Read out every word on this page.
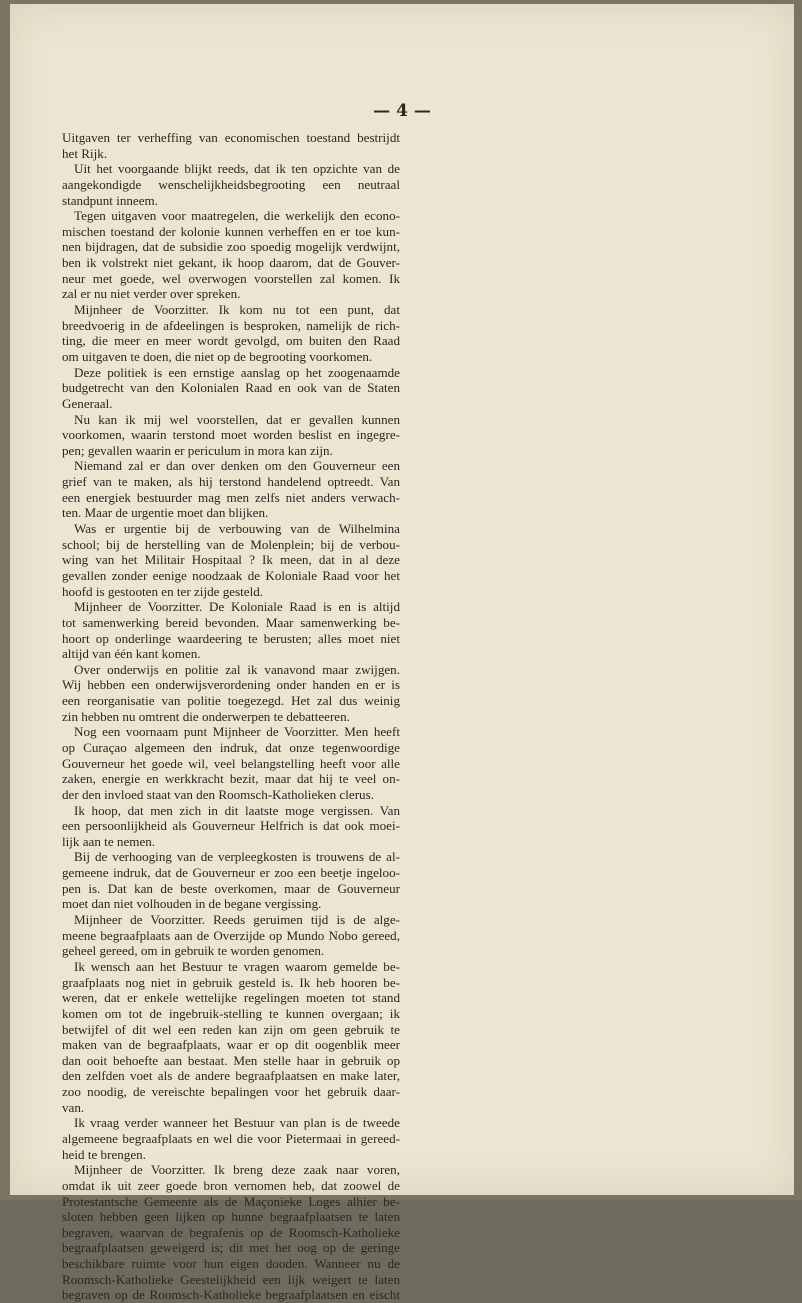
— 4 —
Uitgaven ter verheffing van economischen toestand bestrijdt
het Rijk.
Uit het voorgaande blijkt reeds, dat ik ten opzichte van de
aangekondigde wenschelijkheidsbegrooting een neutraal
standpunt inneem.
Tegen uitgaven voor maatregelen, die werkelijk den econo-
mischen toestand der kolonie kunnen verheffen en er toe kun-
nen bijdragen, dat de subsidie zoo spoedig mogelijk verdwijnt,
ben ik volstrekt niet gekant, ik hoop daarom, dat de Gouver-
neur met goede, wel overwogen voorstellen zal komen. Ik
zal er nu niet verder over spreken.
Mijnheer de Voorzitter. Ik kom nu tot een punt, dat
breedvoerig in de afdeelingen is besproken, namelijk de rich-
ting, die meer en meer wordt gevolgd, om buiten den Raad
om uitgaven te doen, die niet op de begrooting voorkomen.
Deze politiek is een ernstige aanslag op het zoogenaamde
budgetrecht van den Kolonialen Raad en ook van de Staten
Generaal.
Nu kan ik mij wel voorstellen, dat er gevallen kunnen
voorkomen, waarin terstond moet worden beslist en ingegre-
pen; gevallen waarin er periculum in mora kan zijn.
Niemand zal er dan over denken om den Gouverneur een
grief van te maken, als hij terstond handelend optreedt. Van
een energiek bestuurder mag men zelfs niet anders verwach-
ten. Maar de urgentie moet dan blijken.
Was er urgentie bij de verbouwing van de Wilhelmina
school; bij de herstelling van de Molenplein; bij de verbou-
wing van het Militair Hospitaal ? Ik meen, dat in al deze
gevallen zonder eenige noodzaak de Koloniale Raad voor het
hoofd is gestooten en ter zijde gesteld.
Mijnheer de Voorzitter. De Koloniale Raad is en is altijd
tot samenwerking bereid bevonden. Maar samenwerking be-
hoort op onderlinge waardeering te berusten; alles moet niet
altijd van één kant komen.
Over onderwijs en politie zal ik vanavond maar zwijgen.
Wij hebben een onderwijsverordening onder handen en er is
een reorganisatie van politie toegezegd. Het zal dus weinig
zin hebben nu omtrent die onderwerpen te debatteeren.
Nog een voornaam punt Mijnheer de Voorzitter. Men heeft
op Curaçao algemeen den indruk, dat onze tegenwoordige
Gouverneur het goede wil, veel belangstelling heeft voor alle
zaken, energie en werkkracht bezit, maar dat hij te veel on-
der den invloed staat van den Roomsch-Katholieken clerus.
Ik hoop, dat men zich in dit laatste moge vergissen. Van
een persoonlijkheid als Gouverneur Helfrich is dat ook moei-
lijk aan te nemen.
Bij de verhooging van de verpleegkosten is trouwens de al-
gemeene indruk, dat de Gouverneur er zoo een beetje ingeloo-
pen is. Dat kan de beste overkomen, maar de Gouverneur
moet dan niet volhouden in de begane vergissing.
Mijnheer de Voorzitter. Reeds geruimen tijd is de alge-
meene begraafplaats aan de Overzijde op Mundo Nobo gereed,
geheel gereed, om in gebruik te worden genomen.
Ik wensch aan het Bestuur te vragen waarom gemelde be-
graafplaats nog niet in gebruik gesteld is. Ik heb hooren be-
weren, dat er enkele wettelijke regelingen moeten tot stand
komen om tot de ingebruik-stelling te kunnen overgaan; ik
betwijfel of dit wel een reden kan zijn om geen gebruik te
maken van de begraafplaats, waar er op dit oogenblik meer
dan ooit behoefte aan bestaat. Men stelle haar in gebruik op
den zelfden voet als de andere begraafplaatsen en make later,
zoo noodig, de vereischte bepalingen voor het gebruik daar-
van.
Ik vraag verder wanneer het Bestuur van plan is de tweede
algemeene begraafplaats en wel die voor Pietermaai in gereed-
heid te brengen.
Mijnheer de Voorzitter. Ik breng deze zaak naar voren,
omdat ik uit zeer goede bron vernomen heb, dat zoowel de
Protestantsche Gemeente als de Maçonieke Loges alhier be-
sloten hebben geen lijken op hunne begraafplaatsen te laten
begraven, waarvan de begrafenis op de Roomsch-Katholieke
begraafplaatsen geweigerd is; dit met het oog op de geringe
beschikbare ruimte voor hun eigen dooden. Wanneer nu de
Roomsch-Katholieke Geestelijkheid een lijk weigert te laten
begraven op de Roomsch-Katholieke begraafplaatsen en eischt
